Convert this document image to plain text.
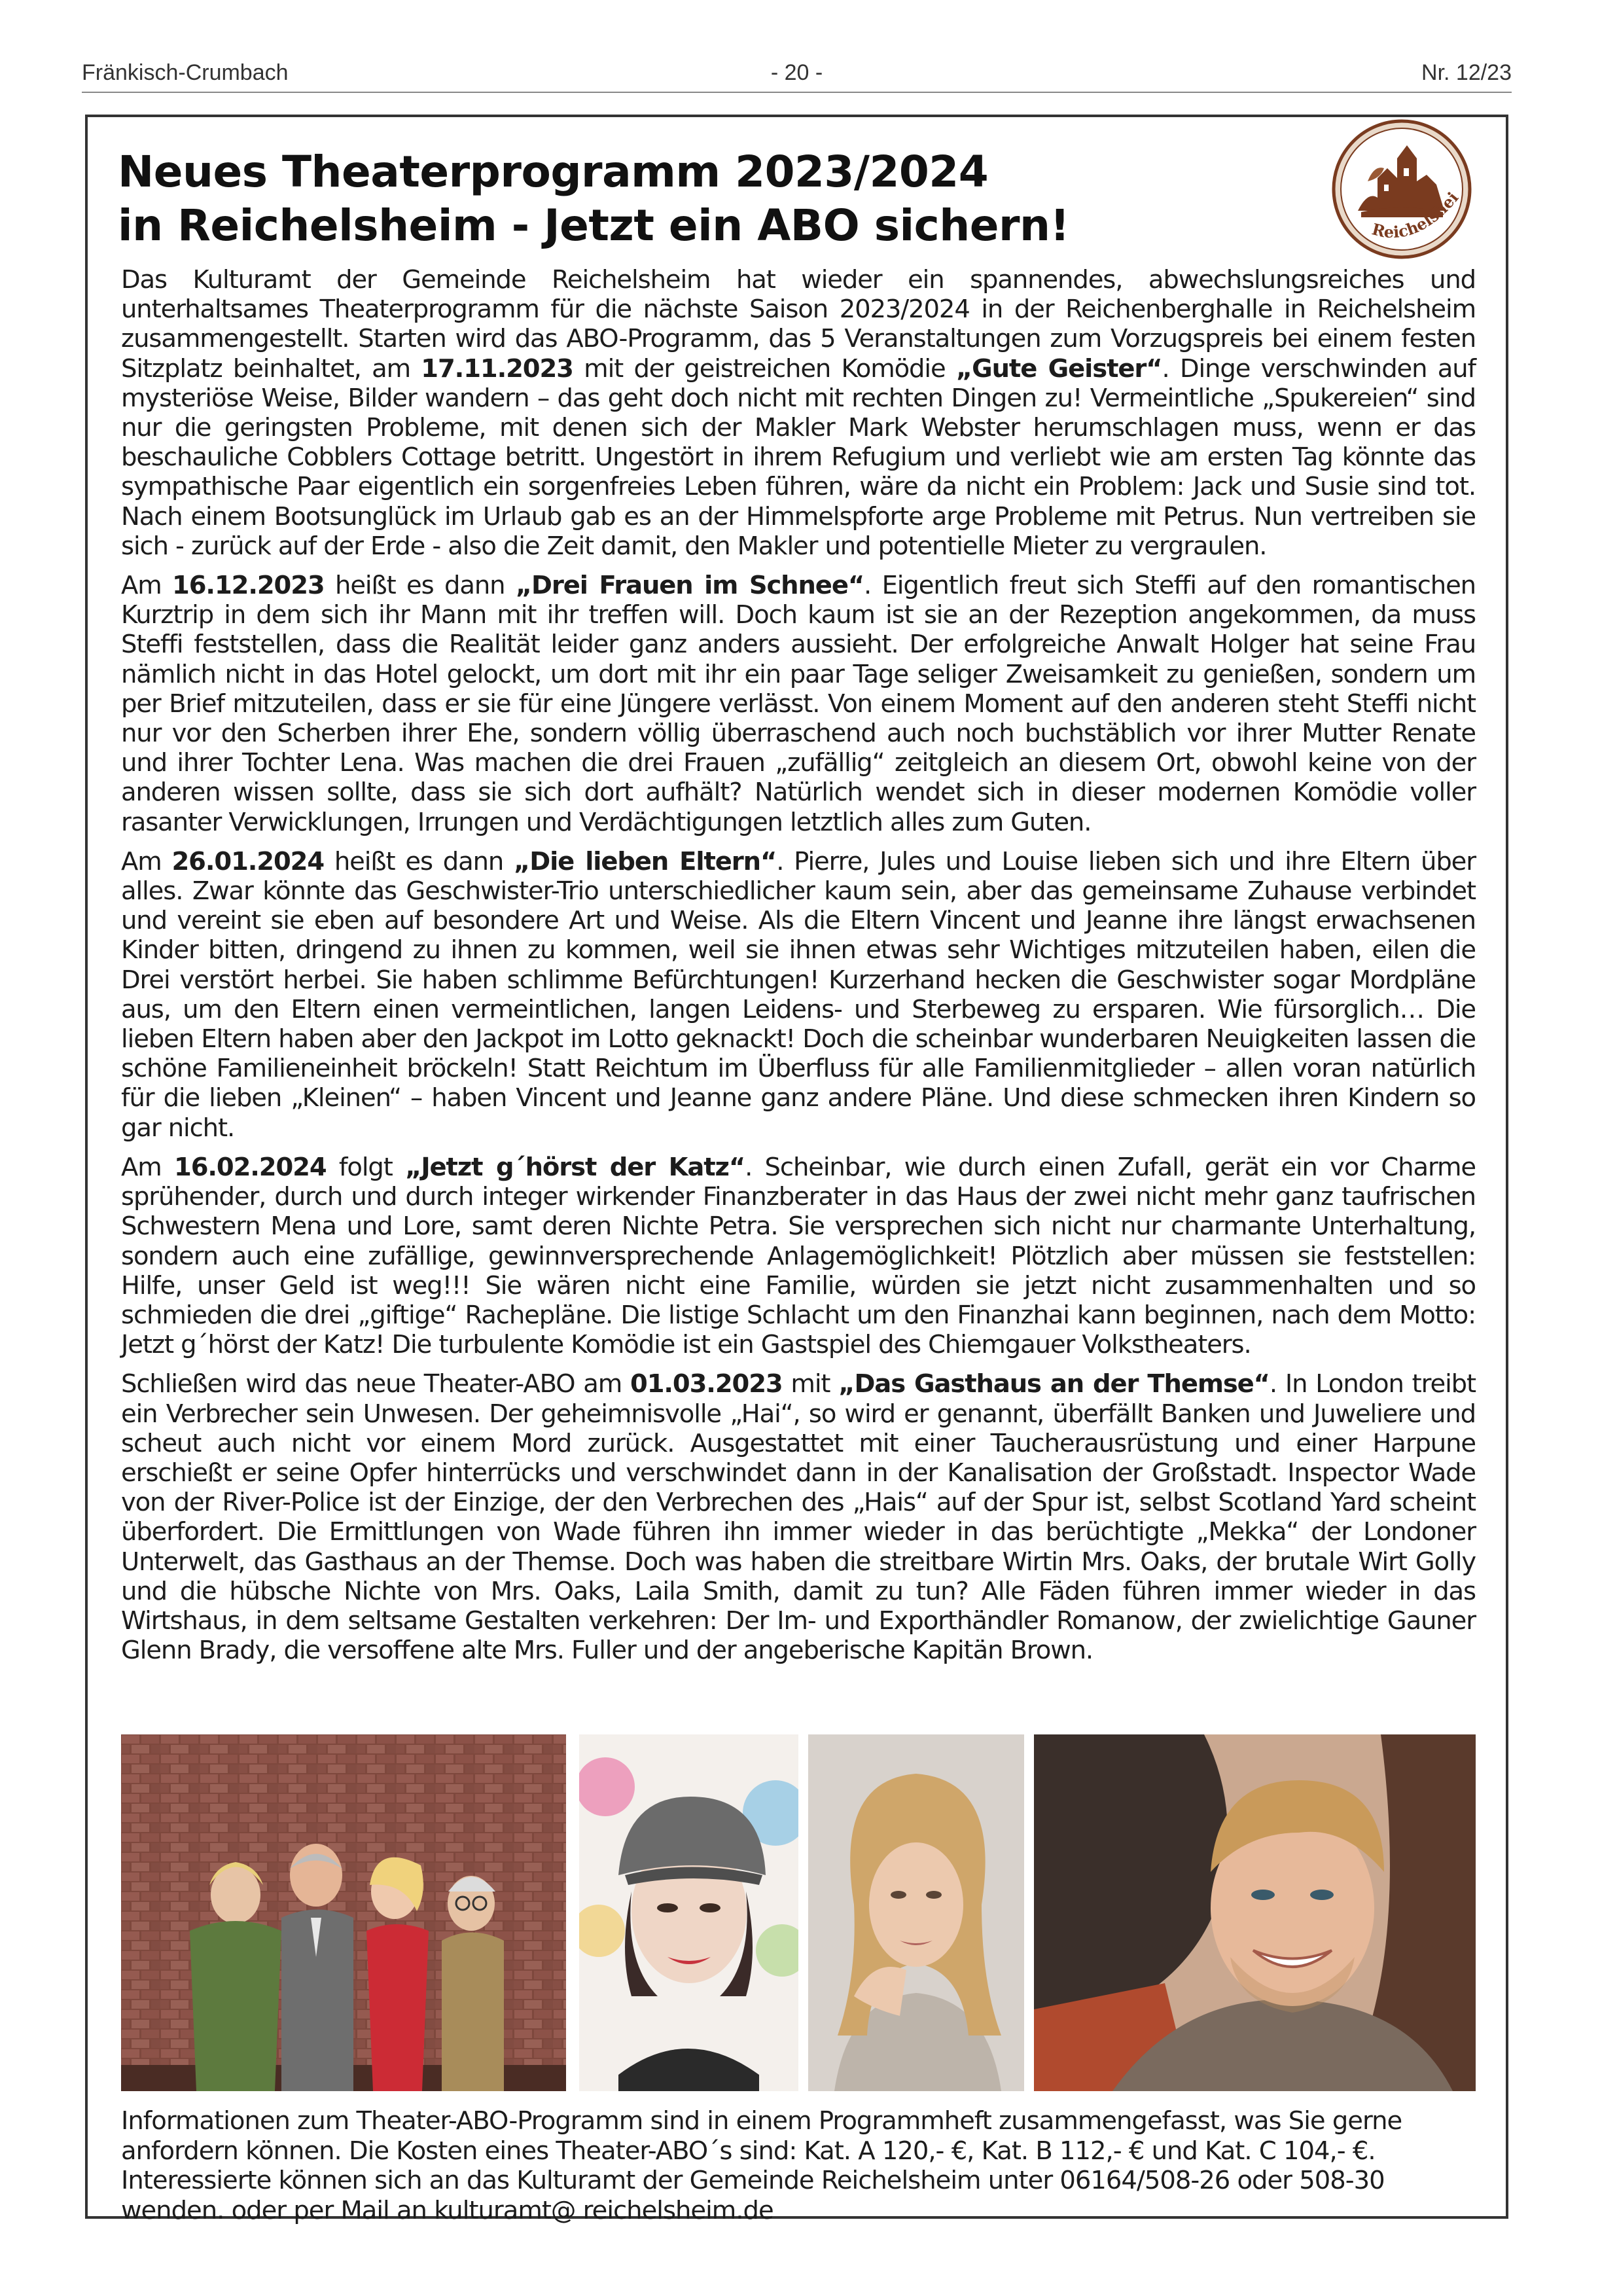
Fränkisch-Crumbach	- 20 -	Nr. 12/23
Neues Theaterprogramm 2023/2024
in Reichelsheim - Jetzt ein ABO sichern!	Reichelshei

Das Kulturamt der Gemeinde Reichelsheim hat wieder ein spannendes, abwechslungsreiches und unterhaltsames Theaterprogramm für die nächste Saison 2023/2024 in der Reichenberghalle in Reichelsheim zusammengestellt. Starten wird das ABO-Programm, das 5 Veranstaltungen zum Vorzugspreis bei einem festen Sitzplatz beinhaltet, am 17.11.2023 mit der geistreichen Komödie „Gute Geister“. Dinge verschwinden auf mysteriöse Weise, Bilder wandern – das geht doch nicht mit rechten Dingen zu! Vermeintliche „Spukereien“ sind nur die geringsten Probleme, mit denen sich der Makler Mark Webster herumschlagen muss, wenn er das beschauliche Cobblers Cottage betritt. Ungestört in ihrem Refugium und verliebt wie am ersten Tag könnte das sympathische Paar eigentlich ein sorgenfreies Leben führen, wäre da nicht ein Problem: Jack und Susie sind tot. Nach einem Bootsunglück im Urlaub gab es an der Himmelspforte arge Probleme mit Petrus. Nun vertreiben sie sich - zurück auf der Erde - also die Zeit damit, den Makler und potentielle Mieter zu vergraulen.

Am 16.12.2023 heißt es dann „Drei Frauen im Schnee“. Eigentlich freut sich Steffi auf den romantischen Kurztrip in dem sich ihr Mann mit ihr treffen will. Doch kaum ist sie an der Rezeption angekommen, da muss Steffi feststellen, dass die Realität leider ganz anders aussieht. Der erfolgreiche Anwalt Holger hat seine Frau nämlich nicht in das Hotel gelockt, um dort mit ihr ein paar Tage seliger Zweisamkeit zu genießen, sondern um per Brief mitzuteilen, dass er sie für eine Jüngere verlässt. Von einem Moment auf den anderen steht Steffi nicht nur vor den Scherben ihrer Ehe, sondern völlig überraschend auch noch buchstäblich vor ihrer Mutter Renate und ihrer Tochter Lena. Was machen die drei Frauen „zufällig“ zeitgleich an diesem Ort, obwohl keine von der anderen wissen sollte, dass sie sich dort aufhält? Natürlich wendet sich in dieser modernen Komödie voller rasanter Verwicklungen, Irrungen und Verdächtigungen letztlich alles zum Guten.

Am 26.01.2024 heißt es dann „Die lieben Eltern“. Pierre, Jules und Louise lieben sich und ihre Eltern über alles. Zwar könnte das Geschwister-Trio unterschiedlicher kaum sein, aber das gemeinsame Zuhause verbindet und vereint sie eben auf besondere Art und Weise. Als die Eltern Vincent und Jeanne ihre längst erwachsenen Kinder bitten, dringend zu ihnen zu kommen, weil sie ihnen etwas sehr Wichtiges mitzuteilen haben, eilen die Drei verstört herbei. Sie haben schlimme Befürchtungen! Kurzerhand hecken die Geschwister sogar Mordpläne aus, um den Eltern einen vermeintlichen, langen Leidens- und Sterbeweg zu ersparen. Wie fürsorglich… Die lieben Eltern haben aber den Jackpot im Lotto geknackt! Doch die scheinbar wunderbaren Neuigkeiten lassen die schöne Familieneinheit bröckeln! Statt Reichtum im Überfluss für alle Familienmitglieder – allen voran natürlich für die lieben „Kleinen“ – haben Vincent und Jeanne ganz andere Pläne. Und diese schmecken ihren Kindern so gar nicht.

Am 16.02.2024 folgt „Jetzt g´hörst der Katz“. Scheinbar, wie durch einen Zufall, gerät ein vor Charme sprühender, durch und durch integer wirkender Finanzberater in das Haus der zwei nicht mehr ganz taufrischen Schwestern Mena und Lore, samt deren Nichte Petra. Sie versprechen sich nicht nur charmante Unterhaltung, sondern auch eine zufällige, gewinnversprechende Anlagemöglichkeit! Plötzlich aber müssen sie feststellen: Hilfe, unser Geld ist weg!!! Sie wären nicht eine Familie, würden sie jetzt nicht zusammenhalten und so schmieden die drei „giftige“ Rachepläne. Die listige Schlacht um den Finanzhai kann beginnen, nach dem Motto: Jetzt g´hörst der Katz! Die turbulente Komödie ist ein Gastspiel des Chiemgauer Volkstheaters.

Schließen wird das neue Theater-ABO am 01.03.2023 mit „Das Gasthaus an der Themse“. In London treibt ein Verbrecher sein Unwesen. Der geheimnisvolle „Hai“, so wird er genannt, überfällt Banken und Juweliere und scheut auch nicht vor einem Mord zurück. Ausgestattet mit einer Taucherausrüstung und einer Harpune erschießt er seine Opfer hinterrücks und verschwindet dann in der Kanalisation der Großstadt. Inspector Wade von der River-Police ist der Einzige, der den Verbrechen des „Hais“ auf der Spur ist, selbst Scotland Yard scheint überfordert. Die Ermittlungen von Wade führen ihn immer wieder in das berüchtigte „Mekka“ der Londoner Unterwelt, das Gasthaus an der Themse. Doch was haben die streitbare Wirtin Mrs. Oaks, der brutale Wirt Golly und die hübsche Nichte von Mrs. Oaks, Laila Smith, damit zu tun? Alle Fäden führen immer wieder in das Wirtshaus, in dem seltsame Gestalten verkehren: Der Im- und Exporthändler Romanow, der zwielichtige Gauner Glenn Brady, die versoffene alte Mrs. Fuller und der angeberische Kapitän Brown.

Informationen zum Theater-ABO-Programm sind in einem Programmheft zusammengefasst, was Sie gerne anfordern können. Die Kosten eines Theater-ABO´s sind: Kat. A 120,- €, Kat. B 112,- € und Kat. C 104,- €. Interessierte können sich an das Kulturamt der Gemeinde Reichelsheim unter 06164/508-26 oder 508-30 wenden. oder per Mail an kulturamt@ reichelsheim.de
